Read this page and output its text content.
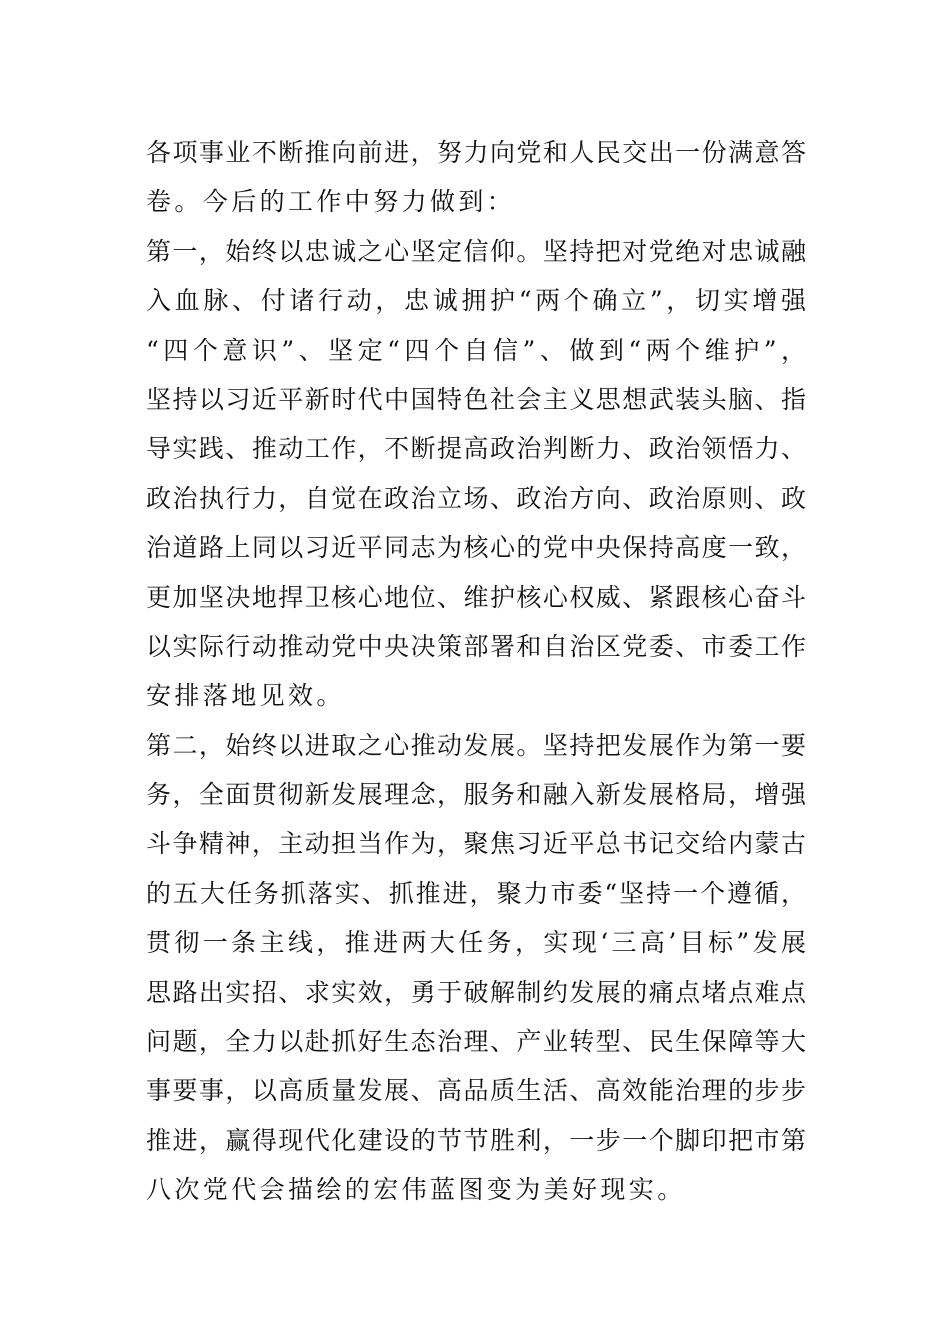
各项事业不断推向前进，努力向党和人民交出一份满意答
卷。今后的工作中努力做到：
第一，始终以忠诚之心坚定信仰。坚持把对党绝对忠诚融
入血脉、付诸行动，忠诚拥护“两个确立”，切实增强
“四个意识”、坚定“四个自信”、做到“两个维护”，
坚持以习近平新时代中国特色社会主义思想武装头脑、指
导实践、推动工作，不断提高政治判断力、政治领悟力、
政治执行力，自觉在政治立场、政治方向、政治原则、政
治道路上同以习近平同志为核心的党中央保持高度一致，
更加坚决地捍卫核心地位、维护核心权威、紧跟核心奋斗
以实际行动推动党中央决策部署和自治区党委、市委工作
安排落地见效。
第二，始终以进取之心推动发展。坚持把发展作为第一要
务，全面贯彻新发展理念，服务和融入新发展格局，增强
斗争精神，主动担当作为，聚焦习近平总书记交给内蒙古
的五大任务抓落实、抓推进，聚力市委“坚持一个遵循，
贯彻一条主线，推进两大任务，实现‘三高’目标”发展
思路出实招、求实效，勇于破解制约发展的痛点堵点难点
问题，全力以赴抓好生态治理、产业转型、民生保障等大
事要事，以高质量发展、高品质生活、高效能治理的步步
推进，赢得现代化建设的节节胜利，一步一个脚印把市第
八次党代会描绘的宏伟蓝图变为美好现实。
